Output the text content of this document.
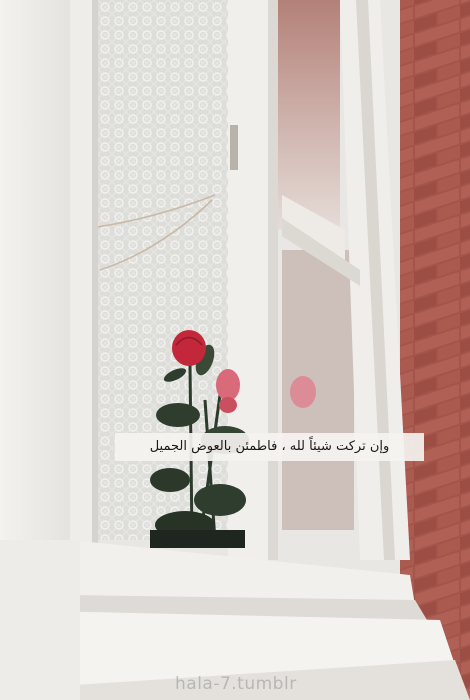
وإن تركت شيئاً لله ، فاطمئن بالعوض الجميل
hala-7.tumblr
